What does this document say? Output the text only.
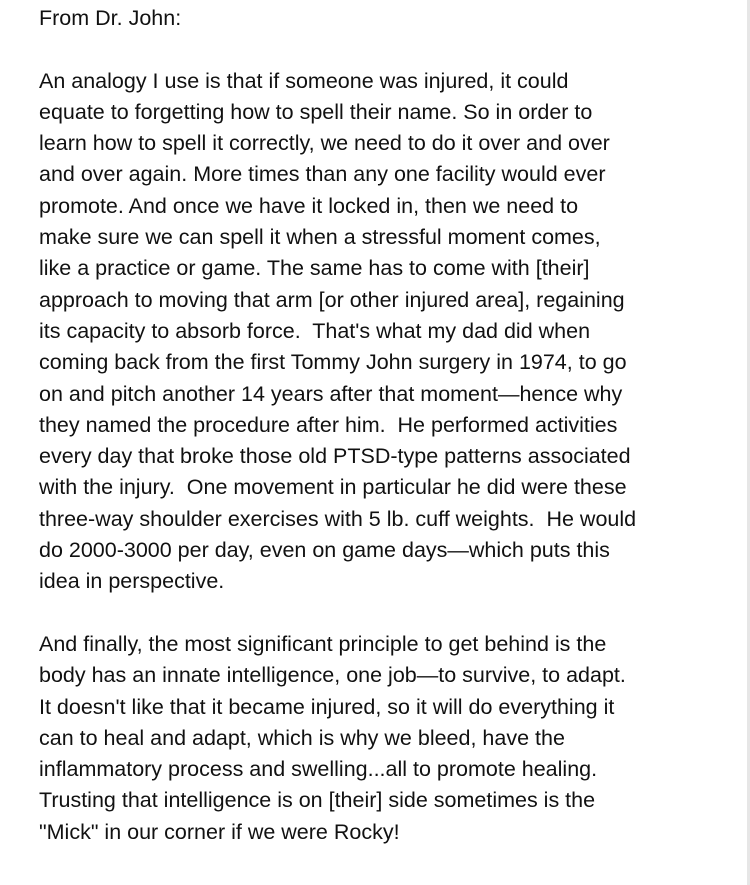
From Dr. John:
An analogy I use is that if someone was injured, it could
equate to forgetting how to spell their name. So in order to
learn how to spell it correctly, we need to do it over and over
and over again. More times than any one facility would ever
promote. And once we have it locked in, then we need to
make sure we can spell it when a stressful moment comes,
like a practice or game. The same has to come with [their]
approach to moving that arm [or other injured area], regaining
its capacity to absorb force.  That's what my dad did when
coming back from the first Tommy John surgery in 1974, to go
on and pitch another 14 years after that moment—hence why
they named the procedure after him.  He performed activities
every day that broke those old PTSD-type patterns associated
with the injury.  One movement in particular he did were these
three-way shoulder exercises with 5 lb. cuff weights.  He would
do 2000-3000 per day, even on game days—which puts this
idea in perspective.
And finally, the most significant principle to get behind is the
body has an innate intelligence, one job—to survive, to adapt.
It doesn't like that it became injured, so it will do everything it
can to heal and adapt, which is why we bleed, have the
inflammatory process and swelling...all to promote healing.
Trusting that intelligence is on [their] side sometimes is the
"Mick" in our corner if we were Rocky!
